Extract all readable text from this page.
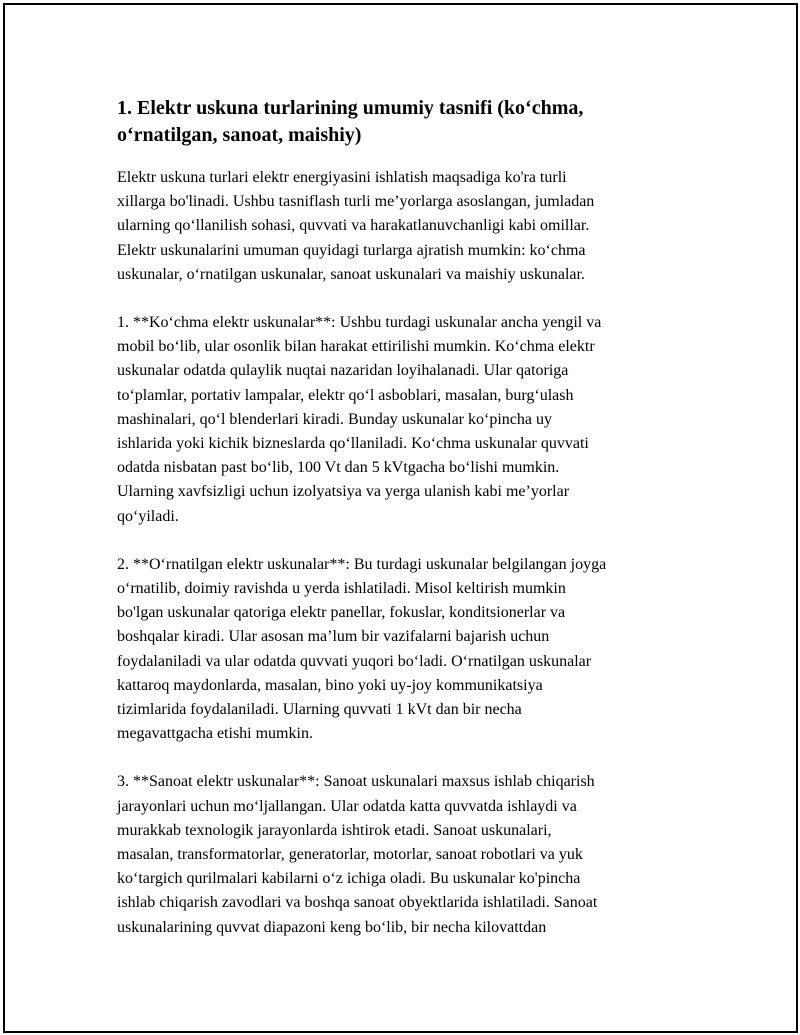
1. Elektr uskuna turlarining umumiy tasnifi (ko‘chma,
o‘rnatilgan, sanoat, maishiy)
Elektr uskuna turlari elektr energiyasini ishlatish maqsadiga ko'ra turli
xillarga bo'linadi. Ushbu tasniflash turli me’yorlarga asoslangan, jumladan
ularning qo‘llanilish sohasi, quvvati va harakatlanuvchanligi kabi omillar.
Elektr uskunalarini umuman quyidagi turlarga ajratish mumkin: ko‘chma
uskunalar, o‘rnatilgan uskunalar, sanoat uskunalari va maishiy uskunalar.
1. **Ko‘chma elektr uskunalar**: Ushbu turdagi uskunalar ancha yengil va
mobil bo‘lib, ular osonlik bilan harakat ettirilishi mumkin. Ko‘chma elektr
uskunalar odatda qulaylik nuqtai nazaridan loyihalanadi. Ular qatoriga
to‘plamlar, portativ lampalar, elektr qo‘l asboblari, masalan, burg‘ulash
mashinalari, qo‘l blenderlari kiradi. Bunday uskunalar ko‘pincha uy
ishlarida yoki kichik bizneslarda qo‘llaniladi. Ko‘chma uskunalar quvvati
odatda nisbatan past bo‘lib, 100 Vt dan 5 kVtgacha bo‘lishi mumkin.
Ularning xavfsizligi uchun izolyatsiya va yerga ulanish kabi me’yorlar
qo‘yiladi.
2. **O‘rnatilgan elektr uskunalar**: Bu turdagi uskunalar belgilangan joyga
o‘rnatilib, doimiy ravishda u yerda ishlatiladi. Misol keltirish mumkin
bo'lgan uskunalar qatoriga elektr panellar, fokuslar, konditsionerlar va
boshqalar kiradi. Ular asosan ma’lum bir vazifalarni bajarish uchun
foydalaniladi va ular odatda quvvati yuqori bo‘ladi. O‘rnatilgan uskunalar
kattaroq maydonlarda, masalan, bino yoki uy-joy kommunikatsiya
tizimlarida foydalaniladi. Ularning quvvati 1 kVt dan bir necha
megavattgacha etishi mumkin.
3. **Sanoat elektr uskunalar**: Sanoat uskunalari maxsus ishlab chiqarish
jarayonlari uchun mo‘ljallangan. Ular odatda katta quvvatda ishlaydi va
murakkab texnologik jarayonlarda ishtirok etadi. Sanoat uskunalari,
masalan, transformatorlar, generatorlar, motorlar, sanoat robotlari va yuk
ko‘targich qurilmalari kabilarni o‘z ichiga oladi. Bu uskunalar ko'pincha
ishlab chiqarish zavodlari va boshqa sanoat obyektlarida ishlatiladi. Sanoat
uskunalarining quvvat diapazoni keng bo‘lib, bir necha kilovattdan
